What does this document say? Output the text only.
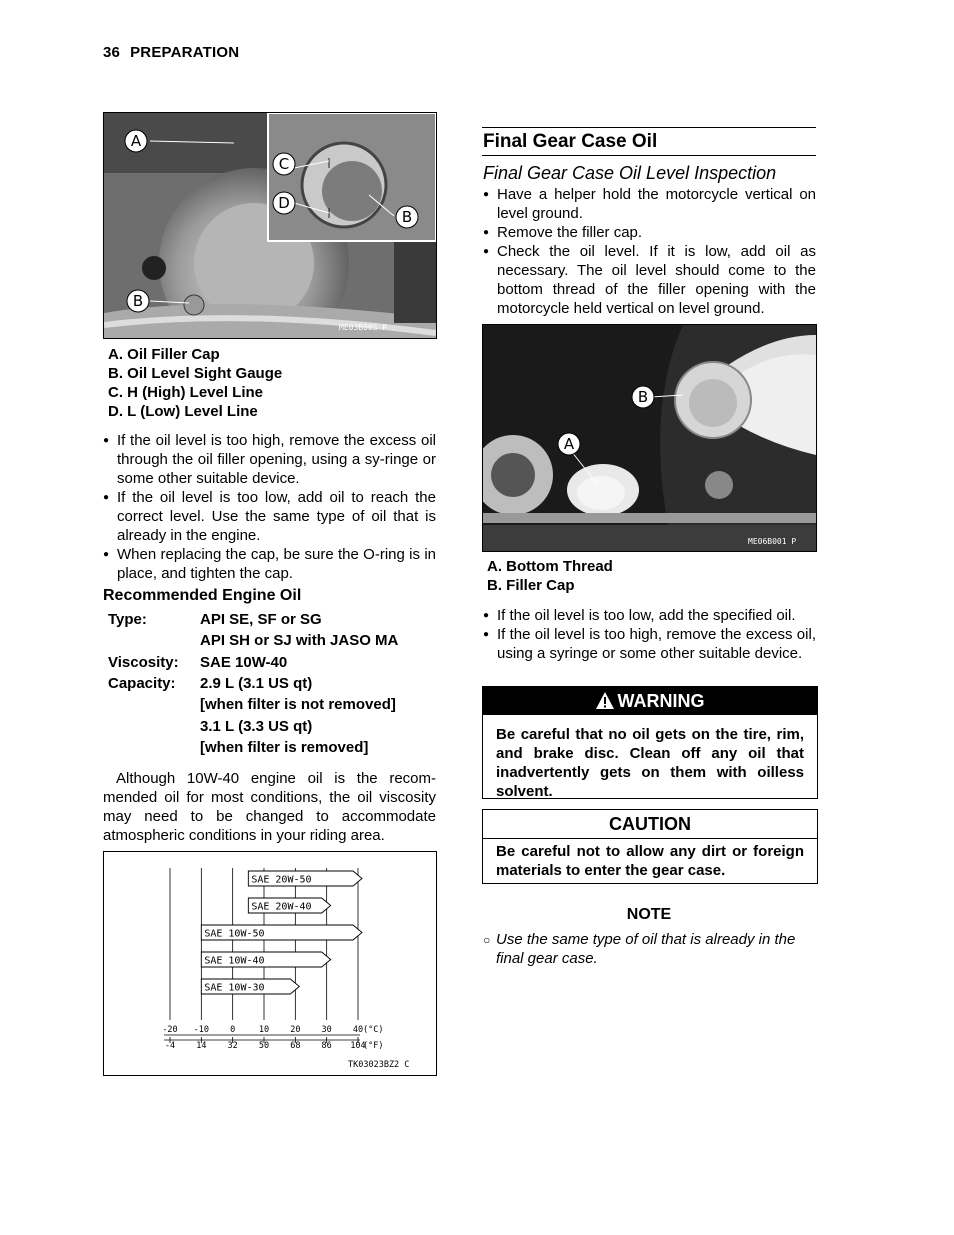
36 PREPARATION
A
C
D
B
B
ME03B00S P
A. Oil Filler Cap
B. Oil Level Sight Gauge
C. H (High) Level Line
D. L (Low) Level Line
● If the oil level is too high, remove the excess oil through the oil filler opening, using a sy-ringe or some other suitable device.
● If the oil level is too low, add oil to reach the correct level. Use the same type of oil that is already in the engine.
● When replacing the cap, be sure the O-ring is in place, and tighten the cap.
Recommended Engine Oil
Type:	API SE, SF or SG
API SH or SJ with JASO MA
Viscosity: SAE 10W-40
Capacity: 2.9 L (3.1 US qt)
[when filter is not removed]
3.1 L (3.3 US qt)
[when filter is removed]
Although 10W-40 engine oil is the recom-mended oil for most conditions, the oil viscosity may need to be changed to accommodate atmospheric conditions in your riding area.
SAE 20W-50
SAE 20W-40
SAE 10W-50
SAE 10W-40
SAE 10W-30
-20 -10 0	10 20 30 40 (°C)
-4 14 32 50 68 86 104
(°F)
TK03023BZ2 C
Final Gear Case Oil
Final Gear Case Oil Level Inspection
● Have a helper hold the motorcycle vertical on level ground.
● Remove the filler cap.
● Check the oil level. If it is low, add oil as necessary. The oil level should come to the bottom thread of the filler opening with the motorcycle held vertical on level ground.
B
A
ME06B001 P
A. Bottom Thread
B. Filler Cap
● If the oil level is too low, add the specified oil.
● If the oil level is too high, remove the excess oil, using a syringe or some other suitable device.
WARNING
Be careful that no oil gets on the tire, rim, and brake disc. Clean off any oil that inadvertently gets on them with oilless solvent.
CAUTION
Be careful not to allow any dirt or foreign materials to enter the gear case.
NOTE
○ Use the same type of oil that is already in the final gear case.
